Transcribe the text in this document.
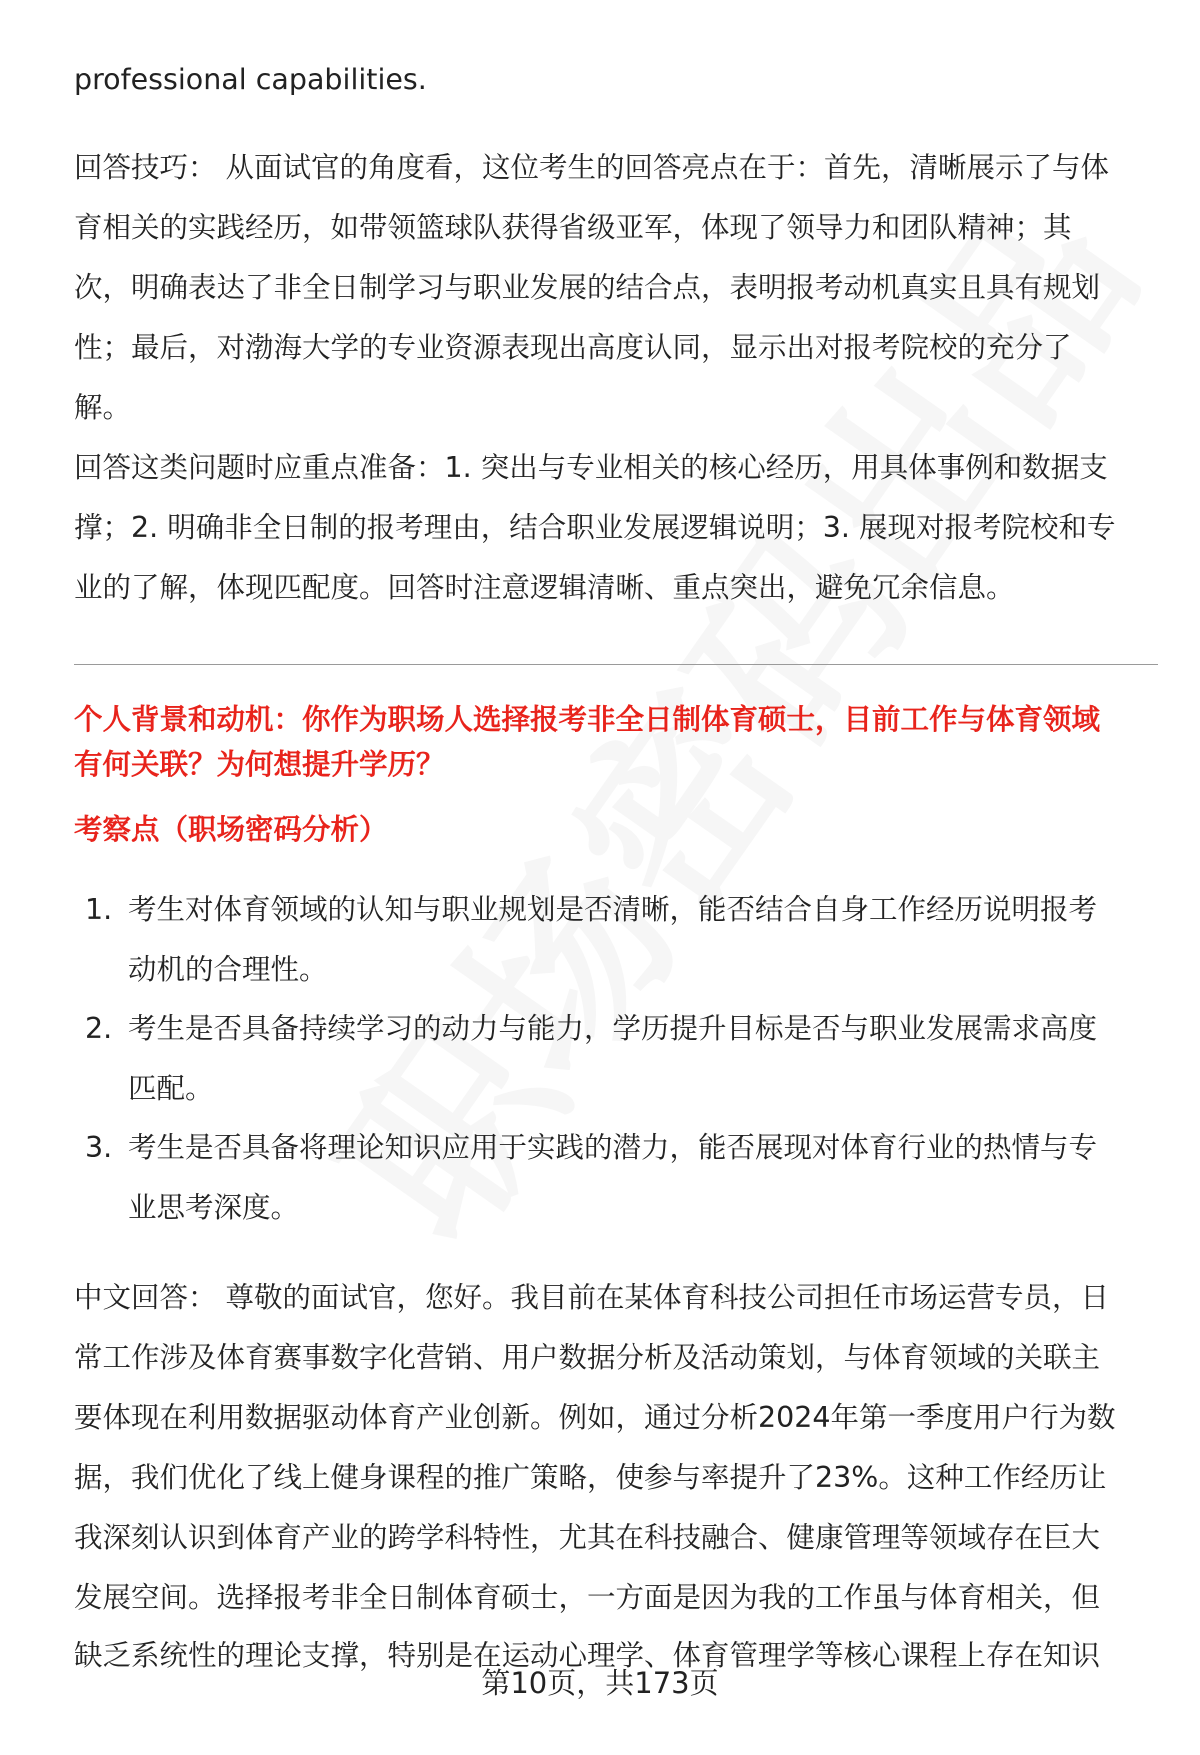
professional capabilities.
回答技巧： 从面试官的角度看，这位考生的回答亮点在于：首先，清晰展示了与体
育相关的实践经历，如带领篮球队获得省级亚军，体现了领导力和团队精神；其
次，明确表达了非全日制学习与职业发展的结合点，表明报考动机真实且具有规划
性；最后，对渤海大学的专业资源表现出高度认同，显示出对报考院校的充分了
解。
回答这类问题时应重点准备：1. 突出与专业相关的核心经历，用具体事例和数据支
撑；2. 明确非全日制的报考理由，结合职业发展逻辑说明；3. 展现对报考院校和专
业的了解，体现匹配度。回答时注意逻辑清晰、重点突出，避免冗余信息。
个人背景和动机：你作为职场人选择报考非全日制体育硕士，目前工作与体育领域
有何关联？为何想提升学历？
考察点（职场密码分析）
1. 考生对体育领域的认知与职业规划是否清晰，能否结合自身工作经历说明报考
动机的合理性。
2. 考生是否具备持续学习的动力与能力，学历提升目标是否与职业发展需求高度
匹配。
3. 考生是否具备将理论知识应用于实践的潜力，能否展现对体育行业的热情与专
业思考深度。
中文回答： 尊敬的面试官，您好。我目前在某体育科技公司担任市场运营专员，日
常工作涉及体育赛事数字化营销、用户数据分析及活动策划，与体育领域的关联主
要体现在利用数据驱动体育产业创新。例如，通过分析2024年第一季度用户行为数
据，我们优化了线上健身课程的推广策略，使参与率提升了23%。这种工作经历让
我深刻认识到体育产业的跨学科特性，尤其在科技融合、健康管理等领域存在巨大
发展空间。选择报考非全日制体育硕士，一方面是因为我的工作虽与体育相关，但
缺乏系统性的理论支撑，特别是在运动心理学、体育管理学等核心课程上存在知识
第10页，共173页
